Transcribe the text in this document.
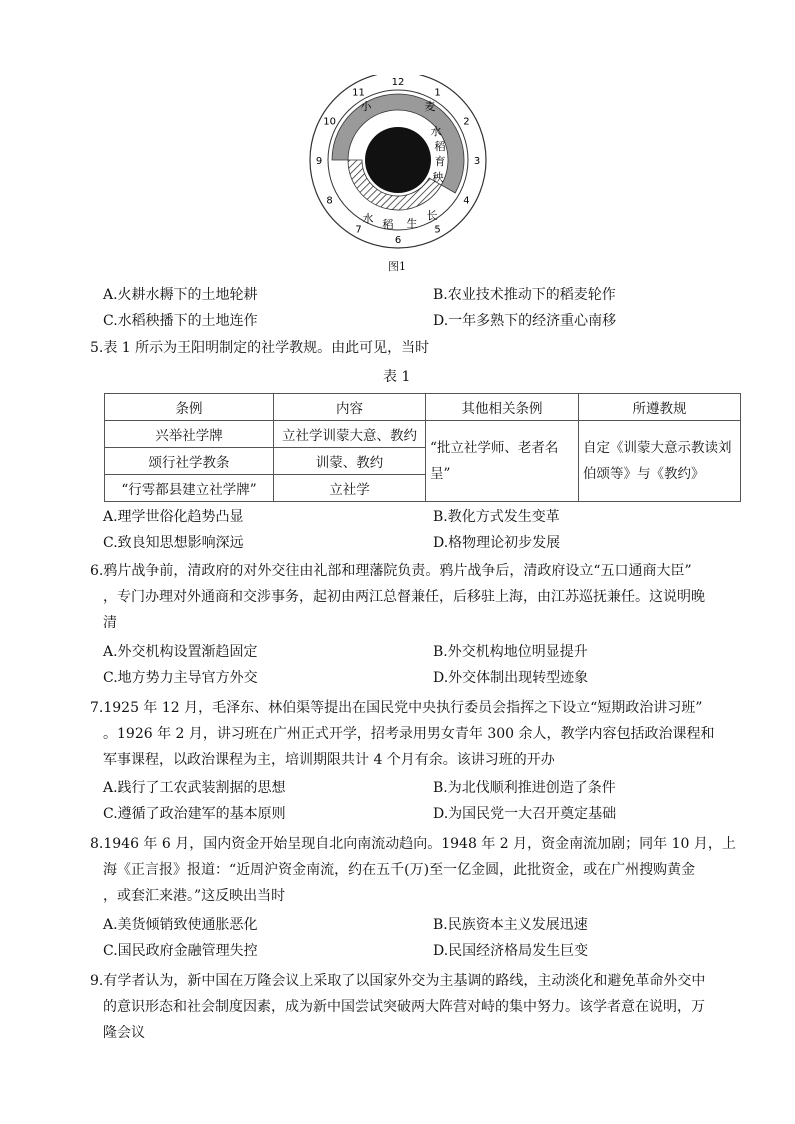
12
1
2
3
4
5
6
7
8
9
10
11
小	麦
水
稻
育
秧
水 稻 生
长
图1
A.火耕水耨下的土地轮耕	B.农业技术推动下的稻麦轮作
C.水稻秧播下的土地连作	D.一年多熟下的经济重心南移
5.表 1 所示为王阳明制定的社学教规。由此可见，当时
表 1
条例	内容	其他相关条例	所遵教规
兴举社学牌	立社学训蒙大意、教约	“批立社学师、老者名呈”	自定《训蒙大意示教读刘伯颂等》与《教约》
颂行社学教条	训蒙、教约		
“行雩都县建立社学牌”	立社学		
A.理学世俗化趋势凸显	B.教化方式发生变革
C.致良知思想影响深远	D.格物理论初步发展
6.鸦片战争前，清政府的对外交往由礼部和理藩院负责。鸦片战争后，清政府设立“五口通商大臣”
，专门办理对外通商和交涉事务，起初由两江总督兼任，后移驻上海，由江苏巡抚兼任。这说明晚
清
A.外交机构设置渐趋固定	B.外交机构地位明显提升
C.地方势力主导官方外交	D.外交体制出现转型迹象
7.1925 年 12 月，毛泽东、林伯渠等提出在国民党中央执行委员会指挥之下设立“短期政治讲习班”
。1926 年 2 月，讲习班在广州正式开学，招考录用男女青年 300 余人，教学内容包括政治课程和
军事课程，以政治课程为主，培训期限共计 4 个月有余。该讲习班的开办
A.践行了工农武装割据的思想	B.为北伐顺利推进创造了条件
C.遵循了政治建军的基本原则	D.为国民党一大召开奠定基础
8.1946 年 6 月，国内资金开始呈现自北向南流动趋向。1948 年 2 月，资金南流加剧；同年 10 月，上
海《正言报》报道：“近周沪资金南流，约在五千(万)至一亿金圆，此批资金，或在广州搜购黄金
，或套汇来港。”这反映出当时
A.美货倾销致使通胀恶化	B.民族资本主义发展迅速
C.国民政府金融管理失控	D.民国经济格局发生巨变
9.有学者认为，新中国在万隆会议上采取了以国家外交为主基调的路线，主动淡化和避免革命外交中
的意识形态和社会制度因素，成为新中国尝试突破两大阵营对峙的集中努力。该学者意在说明，万
隆会议
